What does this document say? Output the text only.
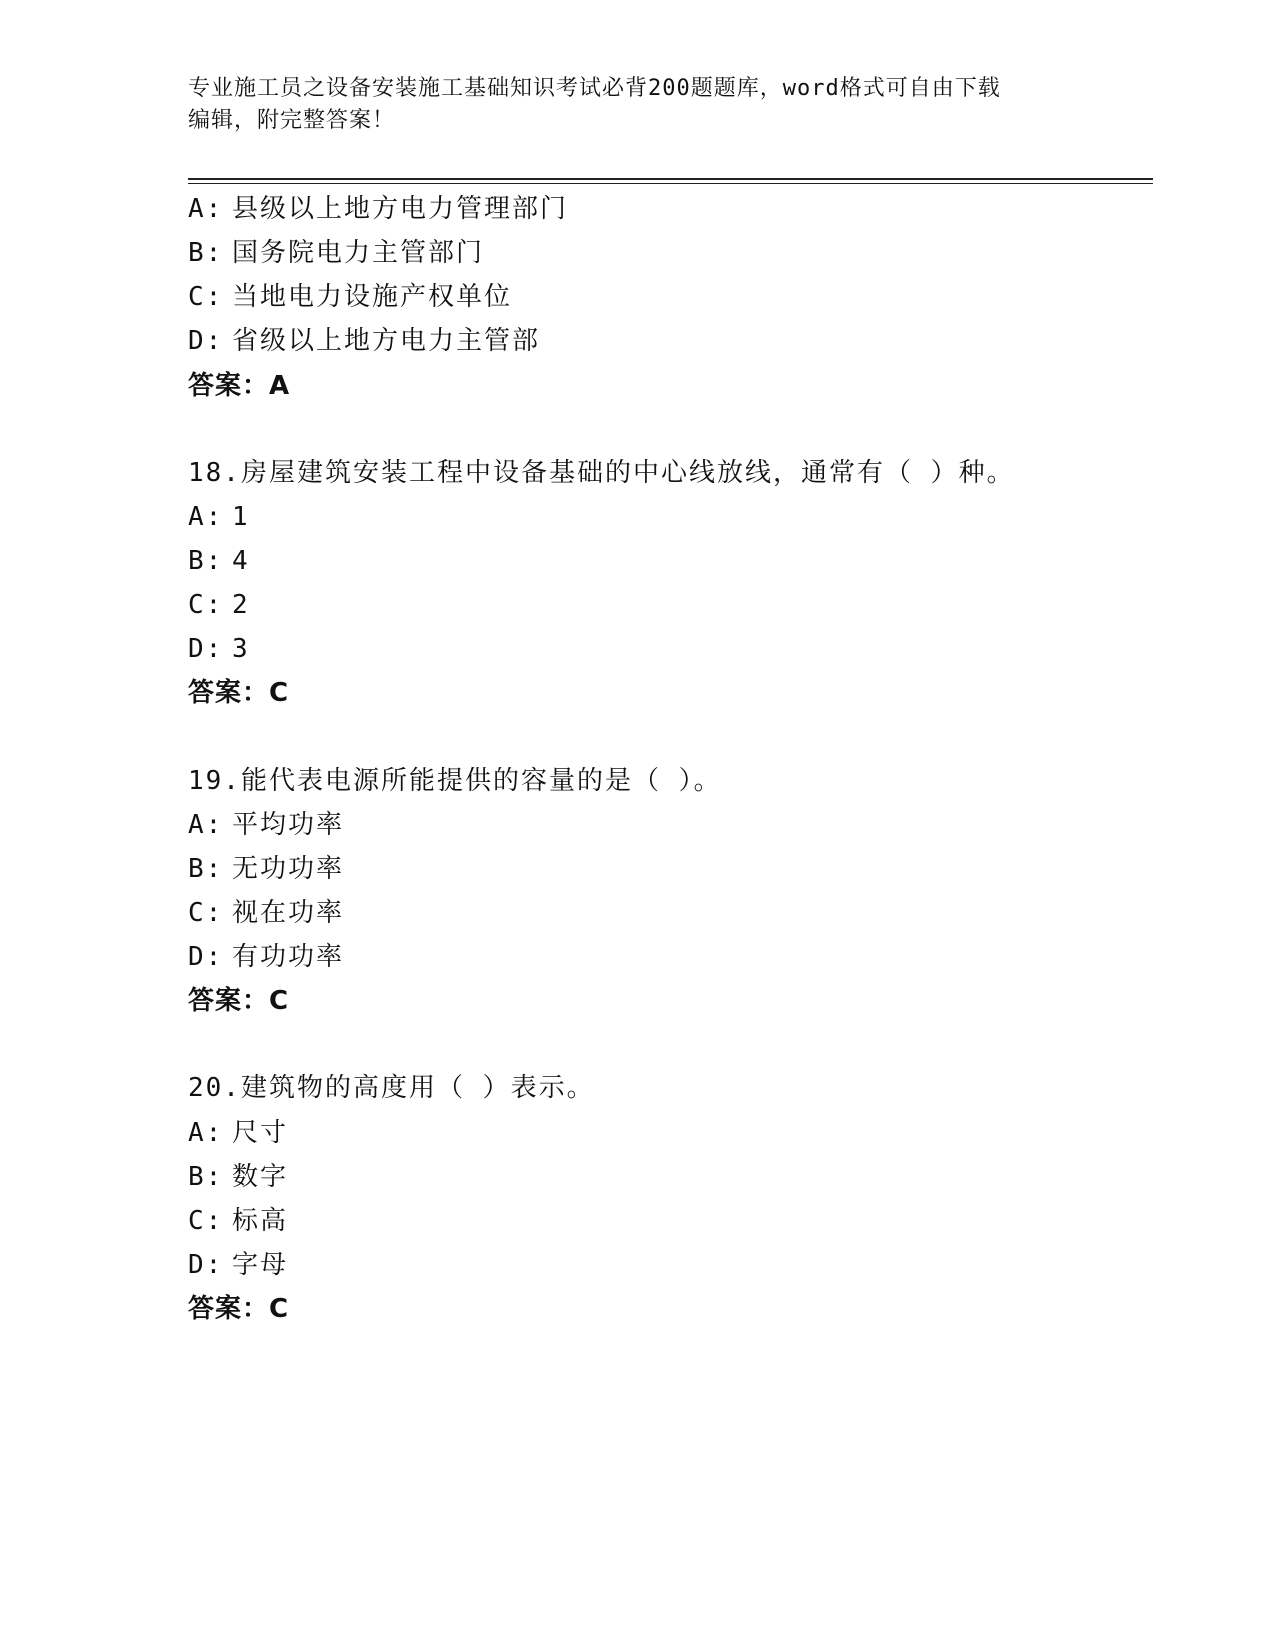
专业施工员之设备安装施工基础知识考试必背200题题库，word格式可自由下载
编辑，附完整答案！
A: 县级以上地方电力管理部门
B: 国务院电力主管部门
C: 当地电力设施产权单位
D: 省级以上地方电力主管部
答案：A
18.房屋建筑安装工程中设备基础的中心线放线，通常有（ ）种。
A: 1
B: 4
C: 2
D: 3
答案：C
19.能代表电源所能提供的容量的是（ ）。
A: 平均功率
B: 无功功率
C: 视在功率
D: 有功功率
答案：C
20.建筑物的高度用（ ）表示。
A: 尺寸
B: 数字
C: 标高
D: 字母
答案：C
